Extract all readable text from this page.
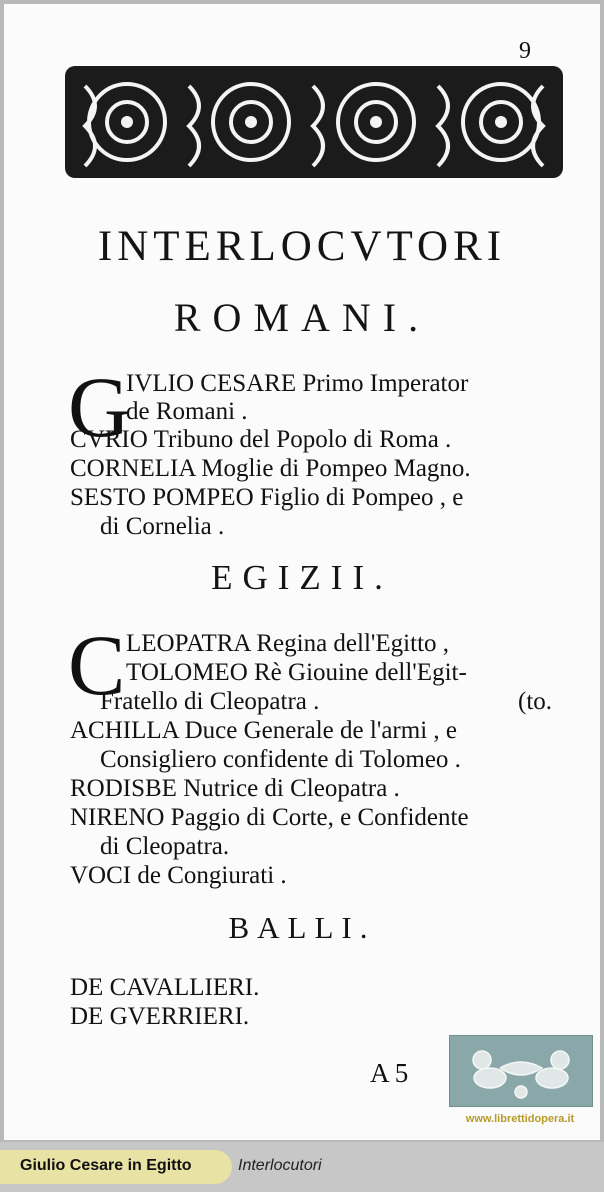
9
INTERLOCVTORI
ROMANI.
G
IVLIO CESARE Primo Imperator
de Romani .
CVRIO Tribuno del Popolo di Roma .
CORNELIA Moglie di Pompeo Magno.
SESTO POMPEO Figlio di Pompeo , e
di Cornelia .
EGIZII.
C LEOPATRA Regina dell'Egitto ,
TOLOMEO Rè Giouine dell'Egit-
Fratello di Cleopatra .	(to.
ACHILLA Duce Generale de l'armi , e
Consigliero confidente di Tolomeo .
RODISBE Nutrice di Cleopatra .
NIRENO Paggio di Corte, e Confidente
di Cleopatra.
VOCI de Congiurati .
BALLI.
DE CAVALLIERI.
DE GVERRIERI.
A 5
www.librettidopera.it
Giulio Cesare in Egitto	Interlocutori
